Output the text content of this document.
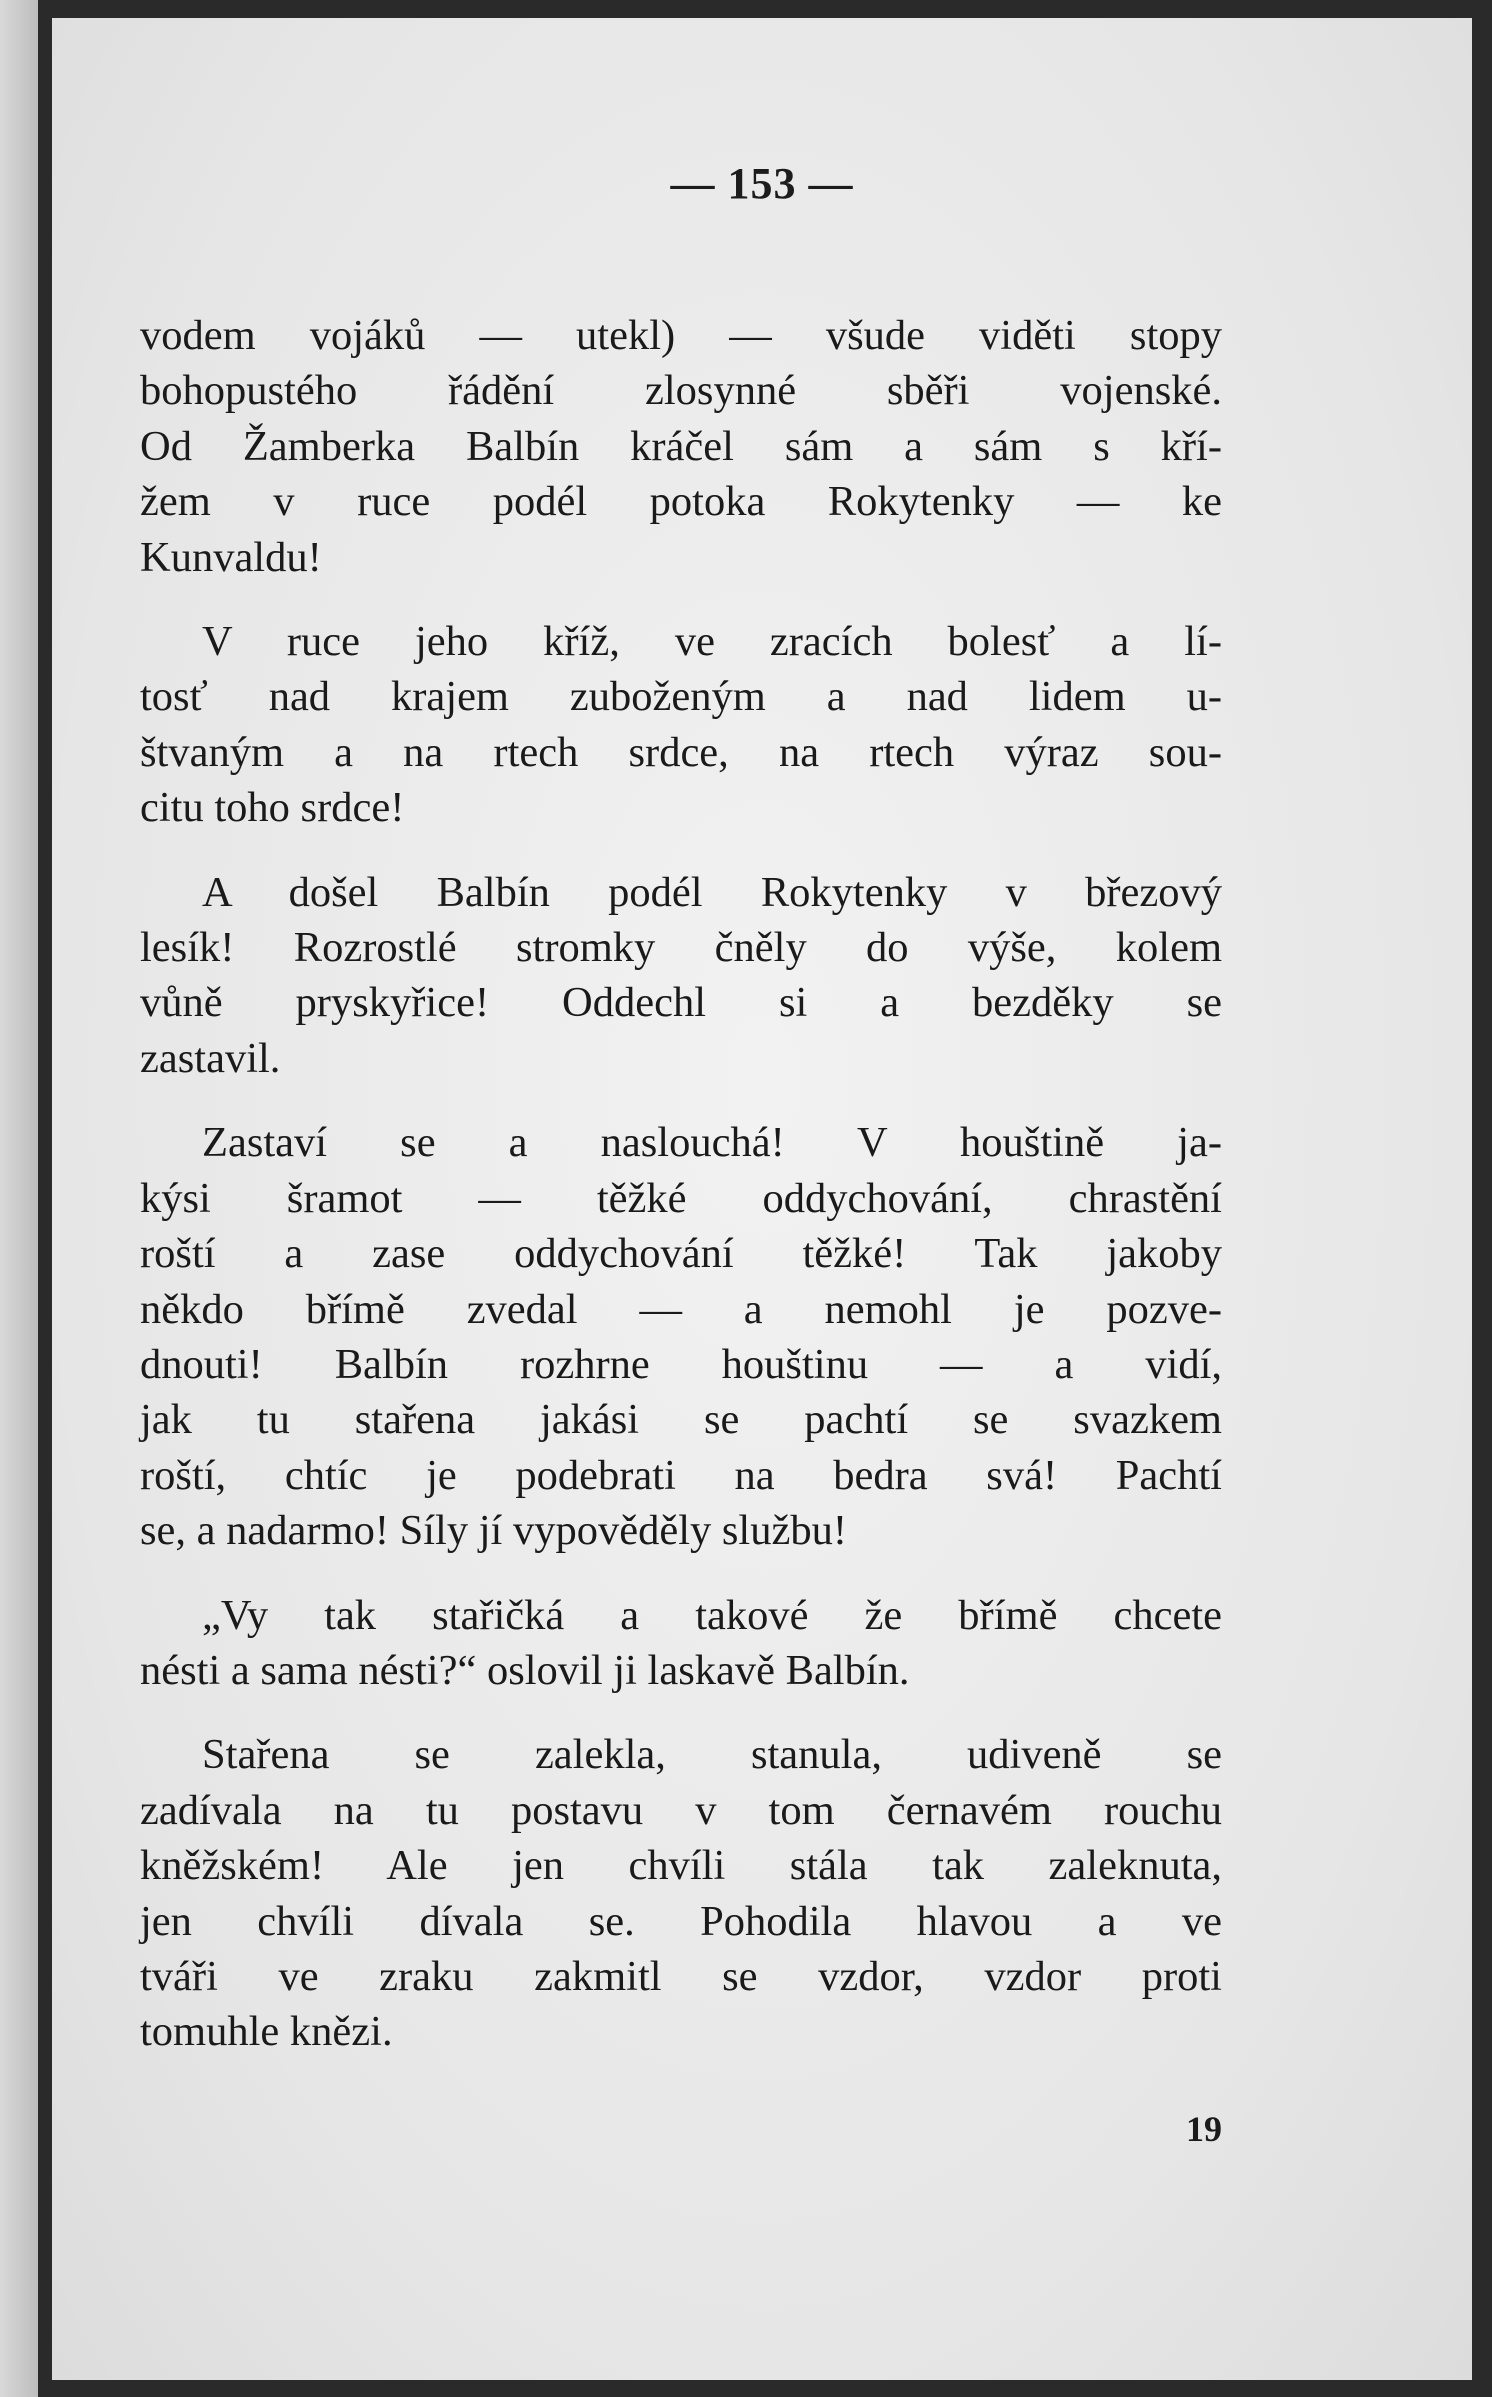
— 153 —
vodem vojáků — utekl) — všude viděti stopy
bohopustého řádění zlosynné sběři vojenské.
Od Žamberka Balbín kráčel sám a sám s kří-
žem v ruce podél potoka Rokytenky — ke
Kunvaldu!
V ruce jeho kříž, ve zracích bolesť a lí-
tosť nad krajem zuboženým a nad lidem u-
štvaným a na rtech srdce, na rtech výraz sou-
citu toho srdce!
A došel Balbín podél Rokytenky v březový
lesík! Rozrostlé stromky čněly do výše, kolem
vůně pryskyřice! Oddechl si a bezděky se
zastavil.
Zastaví se a naslouchá! V houštině ja-
kýsi šramot — těžké oddychování, chrastění
roští a zase oddychování těžké! Tak jakoby
někdo břímě zvedal — a nemohl je pozve-
dnouti! Balbín rozhrne houštinu — a vidí,
jak tu stařena jakási se pachtí se svazkem
roští, chtíc je podebrati na bedra svá! Pachtí
se, a nadarmo! Síly jí vypověděly službu!
„Vy tak stařičká a takové že břímě chcete
nésti a sama nésti?“ oslovil ji laskavě Balbín.
Stařena se zalekla, stanula, udiveně se
zadívala na tu postavu v tom černavém rouchu
kněžském! Ale jen chvíli stála tak zaleknuta,
jen chvíli dívala se. Pohodila hlavou a ve
tváři ve zraku zakmitl se vzdor, vzdor proti
tomuhle knězi.
19
